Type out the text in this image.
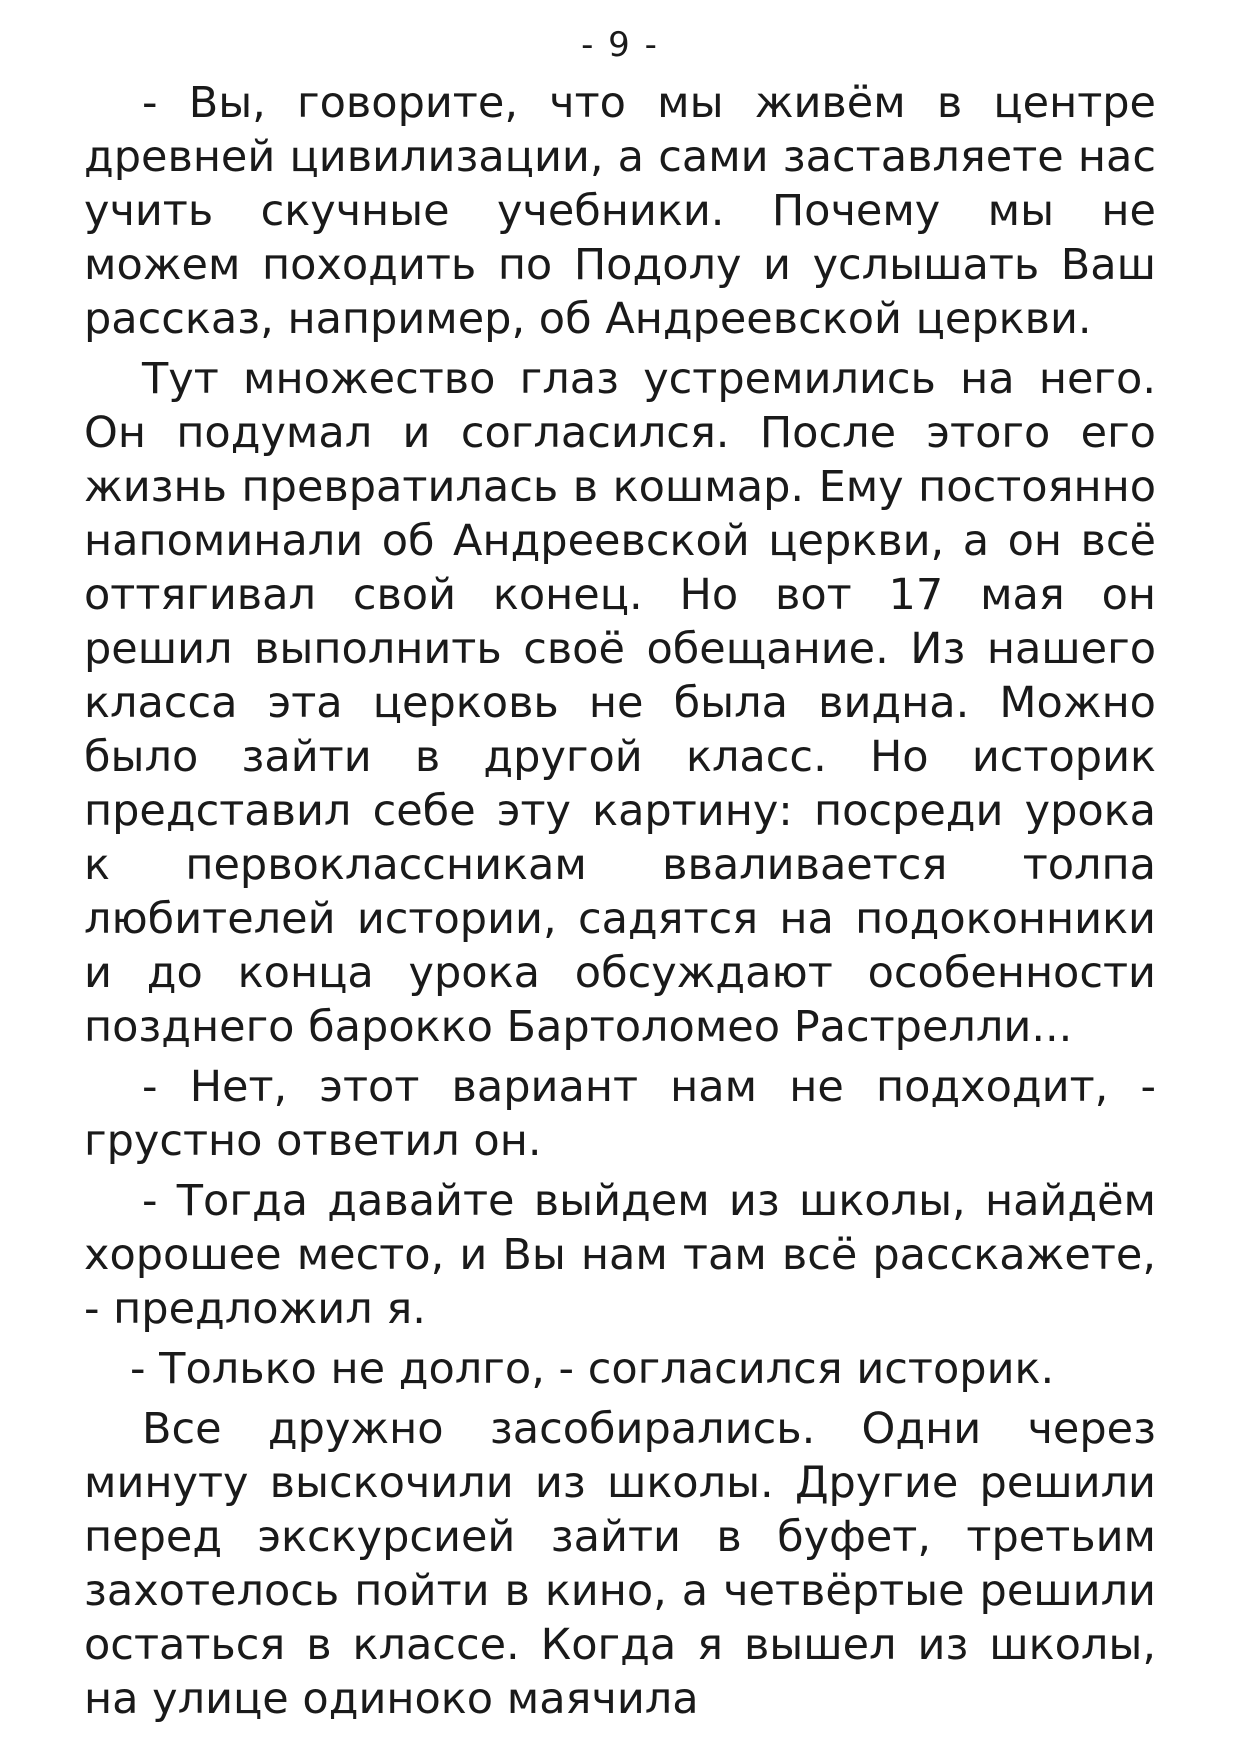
- 9 -

- Вы, говорите, что мы живём в центре древней цивилизации, а сами заставляете нас учить скучные учебники. Почему мы не можем походить по Подолу и услышать Ваш рассказ, например, об Андреевской церкви.

Тут множество глаз устремились на него. Он подумал и согласился. После этого его жизнь превратилась в кошмар. Ему постоянно напоминали об Андреевской церкви, а он всё оттягивал свой конец. Но вот 17 мая он решил выполнить своё обещание. Из нашего класса эта церковь не была видна. Можно было зайти в другой класс. Но историк представил себе эту картину: посреди урока к первоклассникам вваливается толпа любителей истории, садятся на подоконники и до конца урока обсуждают особенности позднего барокко Бартоломео Растрелли...

- Нет, этот вариант нам не подходит, - грустно ответил он.

- Тогда давайте выйдем из школы, найдём хорошее место, и Вы нам там всё расскажете, - предложил я.

- Только не долго, - согласился историк.

Все дружно засобирались. Одни через минуту выскочили из школы. Другие решили перед экскурсией зайти в буфет, третьим захотелось пойти в кино, а четвёртые решили остаться в классе. Когда я вышел из школы, на улице одиноко маячила
